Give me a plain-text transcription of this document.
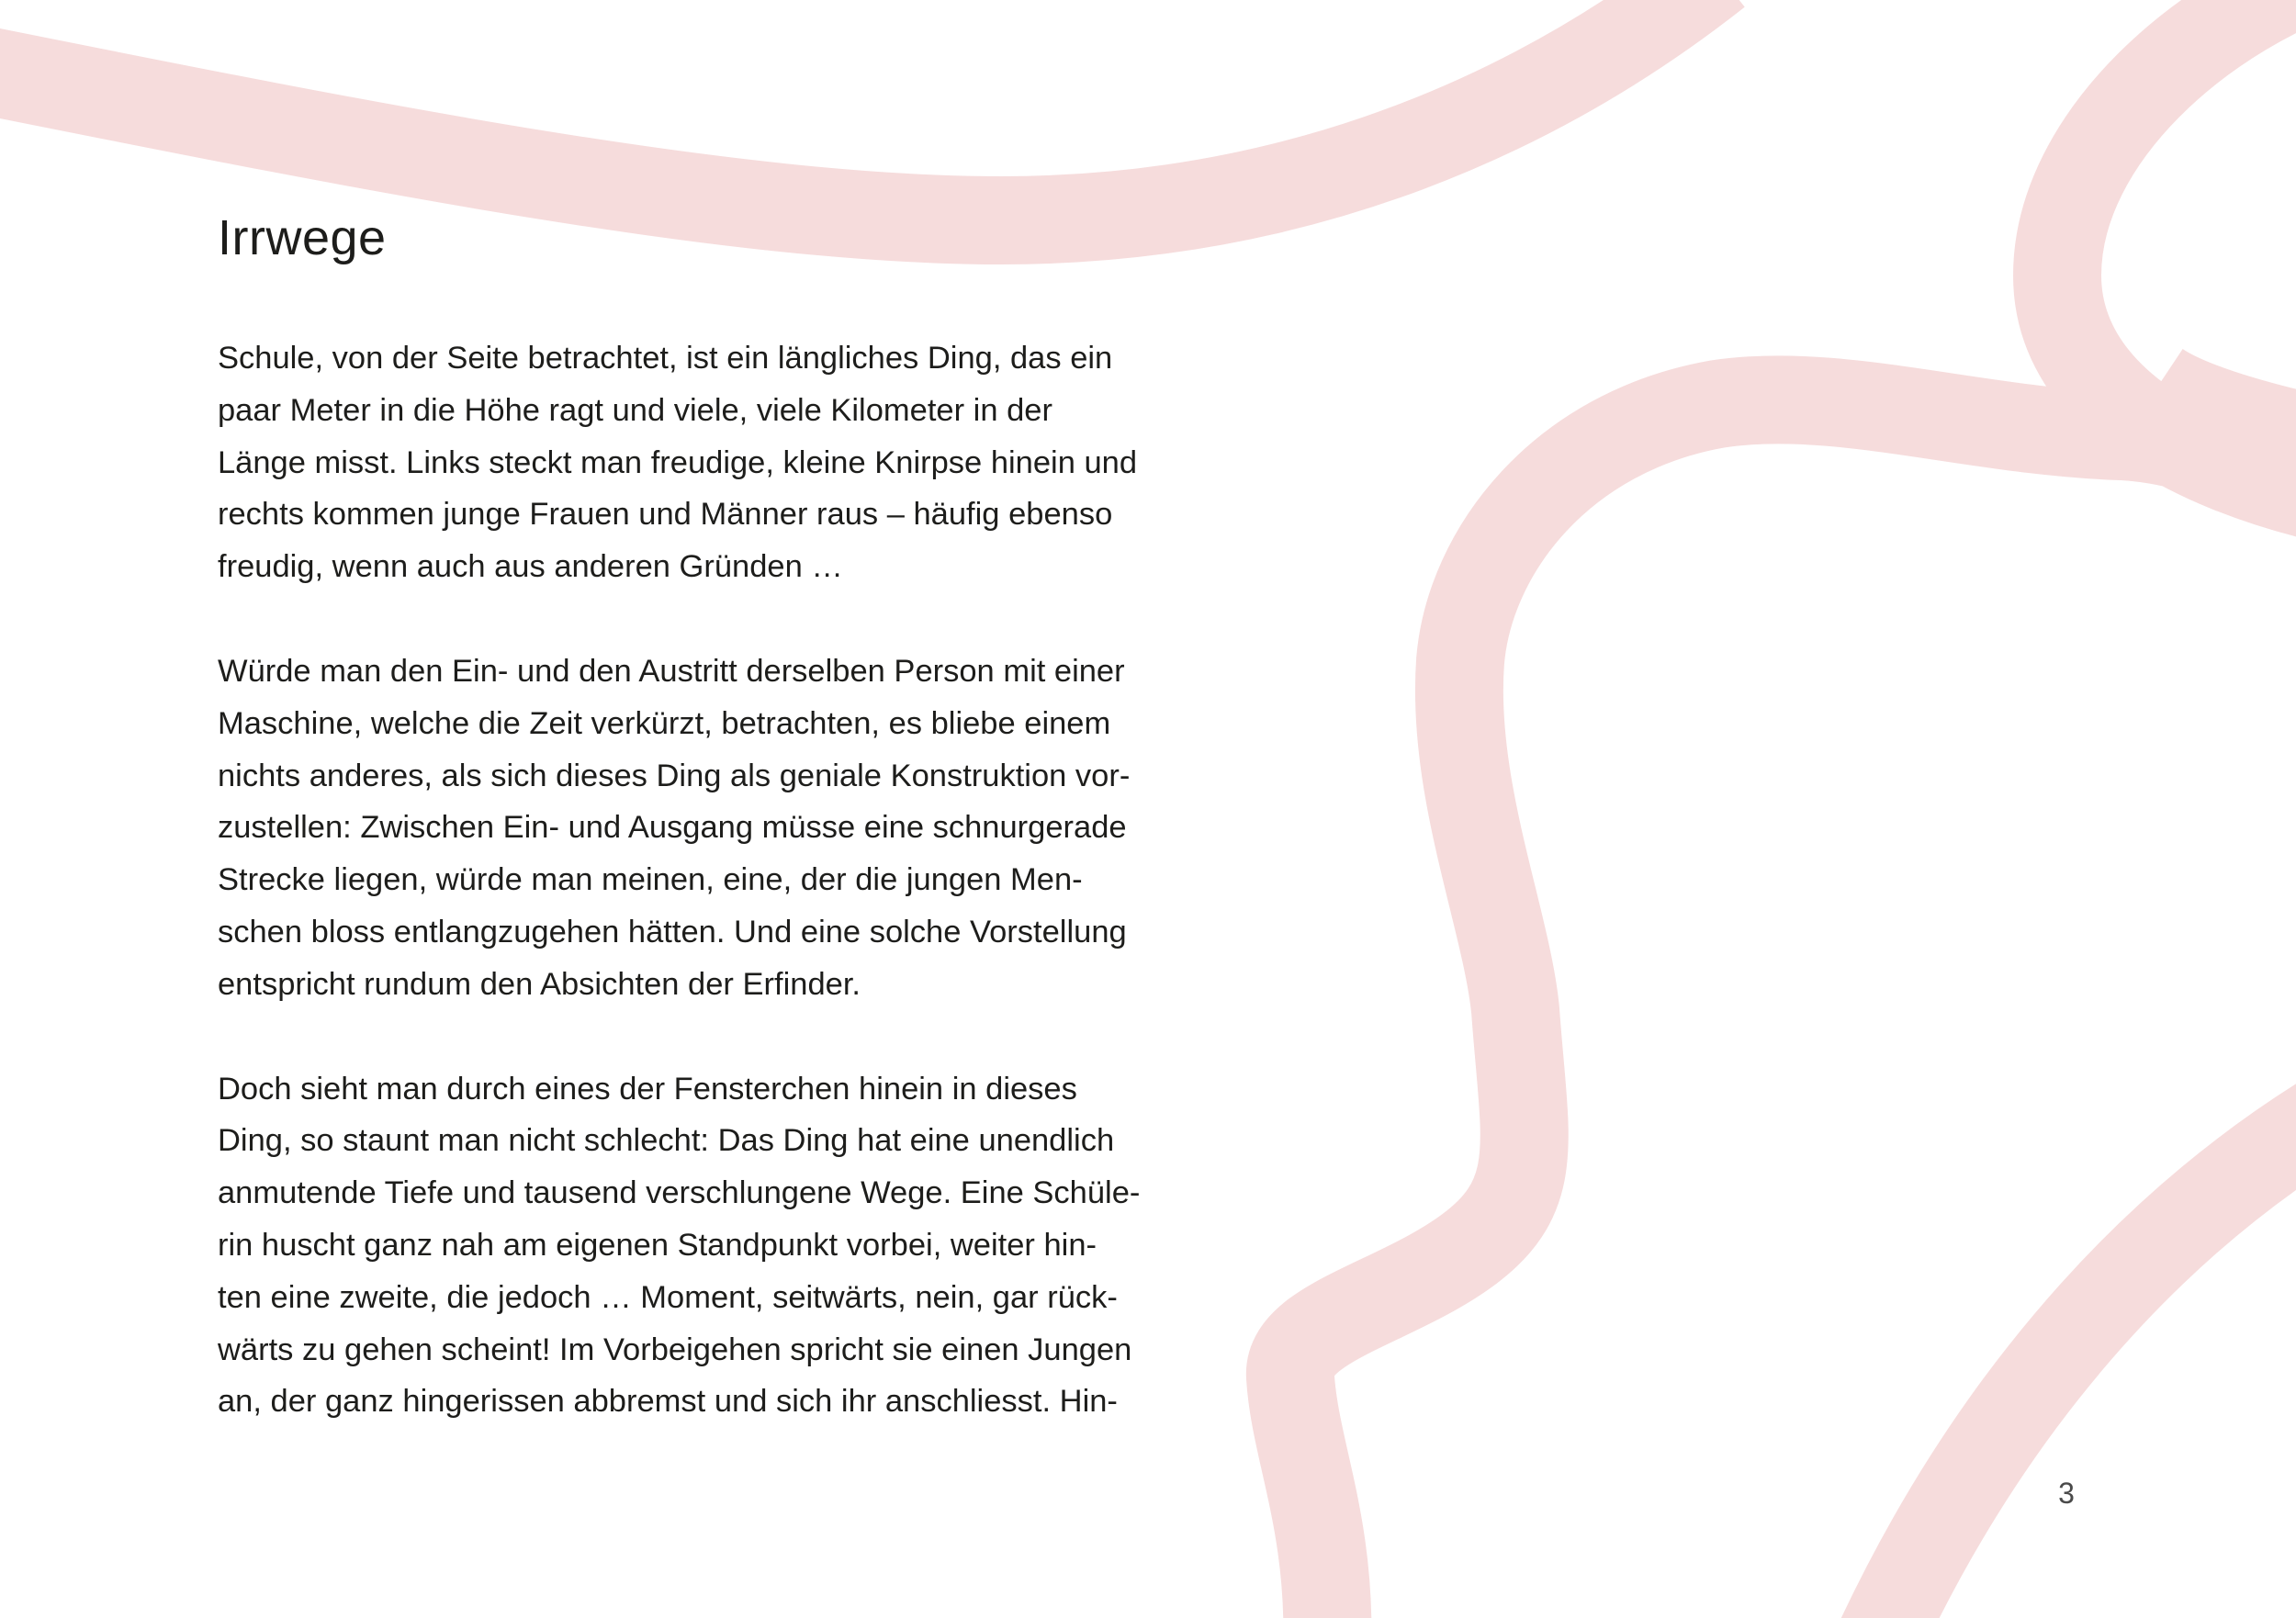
Irrwege
Schule, von der Seite betrachtet, ist ein längliches Ding, das ein
paar Meter in die Höhe ragt und viele, viele Kilometer in der
Länge misst. Links steckt man freudige, kleine Knirpse hinein und
rechts kommen junge Frauen und Männer raus – häufig ebenso
freudig, wenn auch aus anderen Gründen …
Würde man den Ein- und den Austritt derselben Person mit einer
Maschine, welche die Zeit verkürzt, betrachten, es bliebe einem
nichts anderes, als sich dieses Ding als geniale Konstruktion vor-
zustellen: Zwischen Ein- und Ausgang müsse eine schnurgerade
Strecke liegen, würde man meinen, eine, der die jungen Men-
schen bloss entlangzugehen hätten. Und eine solche Vorstellung
entspricht rundum den Absichten der Erfinder.
Doch sieht man durch eines der Fensterchen hinein in dieses
Ding, so staunt man nicht schlecht: Das Ding hat eine unendlich
anmutende Tiefe und tausend verschlungene Wege. Eine Schüle-
rin huscht ganz nah am eigenen Standpunkt vorbei, weiter hin-
ten eine zweite, die jedoch … Moment, seitwärts, nein, gar rück-
wärts zu gehen scheint! Im Vorbeigehen spricht sie einen Jungen
an, der ganz hingerissen abbremst und sich ihr anschliesst. Hin-
3
